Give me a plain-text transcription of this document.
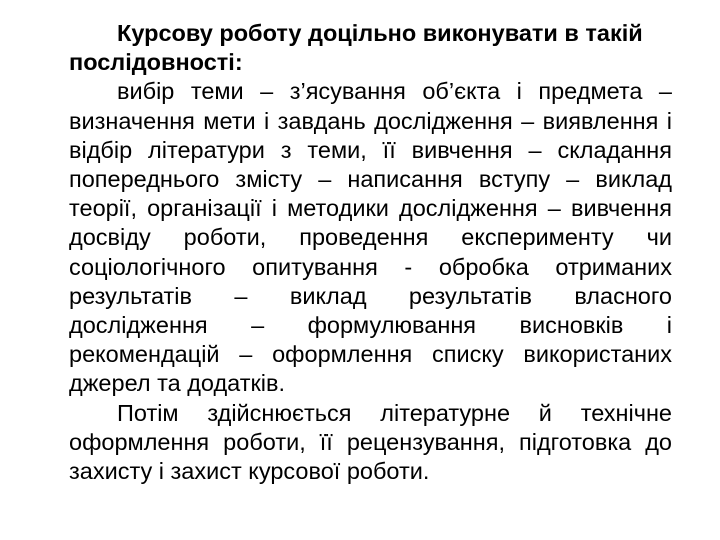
Курсову роботу доцільно виконувати в такій послідовності:

вибір теми – з’ясування об’єкта і предмета – визначення мети і завдань дослідження – виявлення і відбір літератури з теми, її вивчення – складання попереднього змісту – написання вступу – виклад теорії, організації і методики дослідження – вивчення досвіду роботи, проведення експерименту чи соціологічного опитування - обробка отриманих результатів – виклад результатів власного дослідження – формулювання висновків і рекомендацій – оформлення списку використаних джерел та додатків.

Потім здійснюється літературне й технічне оформлення роботи, її рецензування, підготовка до захисту і захист курсової роботи.
